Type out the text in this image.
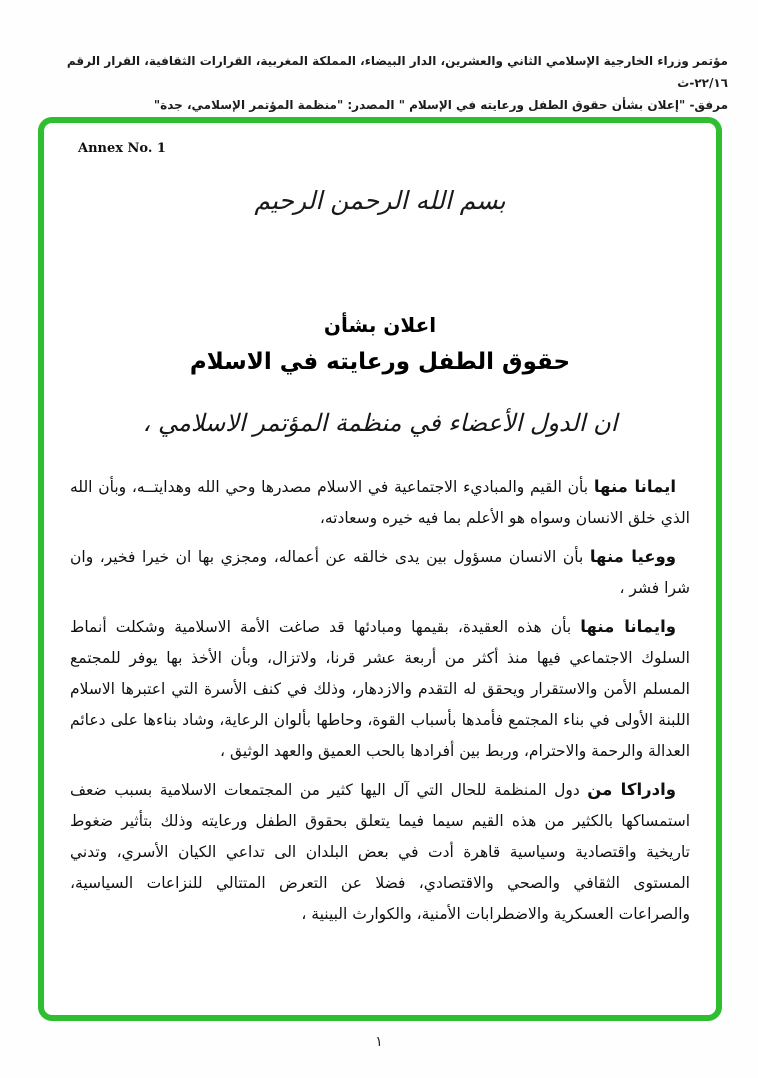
مؤتمر وزراء الخارجية الإسلامي الثاني والعشرين، الدار البيضاء، المملكة المغربية، القرارات الثقافية، القرار الرقم ٢٢/١٦-ث
مرفق- "إعلان بشأن حقوق الطفل ورعايته في الإسلام " المصدر: "منظمة المؤتمر الإسلامي، جدة"
Annex No. 1
بسم الله الرحمن الرحيم
اعلان بشأن
حقوق الطفل ورعايته في الاسلام
ان الدول الأعضاء في منظمة المؤتمر الاسلامي ،

ايمانا منها بأن القيم والمباديء الاجتماعية في الاسلام مصدرها وحي الله وهدايتــه، وبأن الله الذي خلق الانسان وسواه هو الأعلم بما فيه خيره وسعادته،

ووعيا منها بأن الانسان مسؤول بين يدى خالقه عن أعماله، ومجزي بها ان خيرا فخير، وان شرا فشر ،

وايمانا منها بأن هذه العقيدة، بقيمها ومبادئها قد صاغت الأمة الاسلامية وشكلت أنماط السلوك الاجتماعي فيها منذ أكثر من أربعة عشر قرنا، ولاتزال، وبأن الأخذ بها يوفر للمجتمع المسلم الأمن والاستقرار ويحقق له التقدم والازدهار، وذلك في كنف الأسرة التي اعتبرها الاسلام اللبنة الأولى في بناء المجتمع فأمدها بأسباب القوة، وحاطها بألوان الرعاية، وشاد بناءها على دعائم العدالة والرحمة والاحترام، وربط بين أفرادها بالحب العميق والعهد الوثيق ،

وادراكا من دول المنظمة للحال التي آل اليها كثير من المجتمعات الاسلامية بسبب ضعف استمساكها بالكثير من هذه القيم سيما فيما يتعلق بحقوق الطفل ورعايته وذلك بتأثير ضغوط تاريخية واقتصادية وسياسية قاهرة أدت في بعض البلدان الى تداعي الكيان الأسري، وتدني المستوى الثقافي والصحي والاقتصادي، فضلا عن التعرض المتتالي للنزاعات السياسية، والصراعات العسكرية والاضطرابات الأمنية، والكوارث البينية ،

١
